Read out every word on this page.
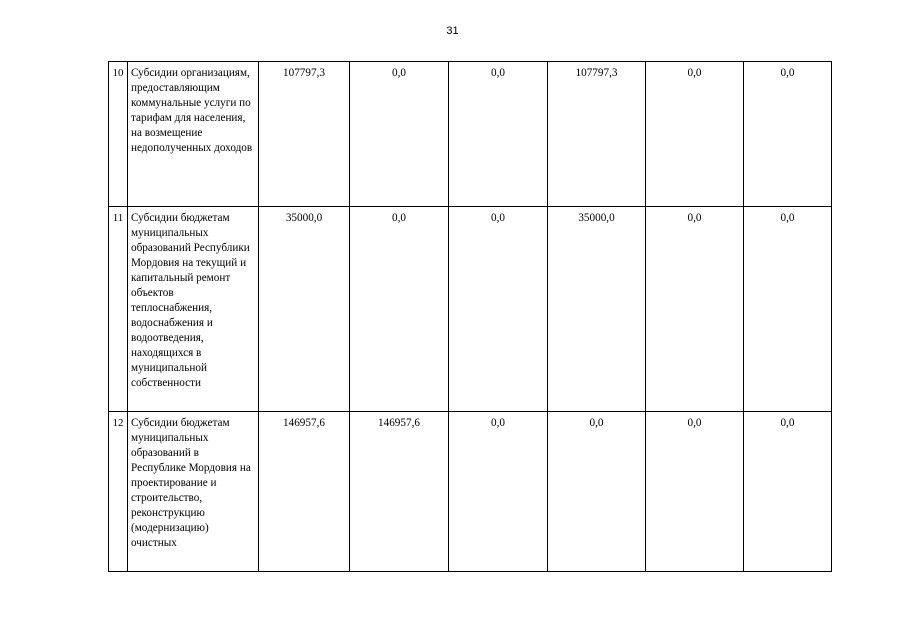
31
10	Субсидии организациям, предоставляющим коммунальные услуги по тарифам для населения, на возмещение недополученных доходов	107797,3	0,0	0,0	107797,3	0,0	0,0
11	Субсидии бюджетам муниципальных образований Республики Мордовия на текущий и капитальный ремонт объектов теплоснабжения, водоснабжения и водоотведения, находящихся в муниципальной собственности	35000,0	0,0	0,0	35000,0	0,0	0,0
12	Субсидии бюджетам муниципальных образований в Республике Мордовия на проектирование и строительство, реконструкцию (модернизацию) очистных	146957,6	146957,6	0,0	0,0	0,0	0,0
